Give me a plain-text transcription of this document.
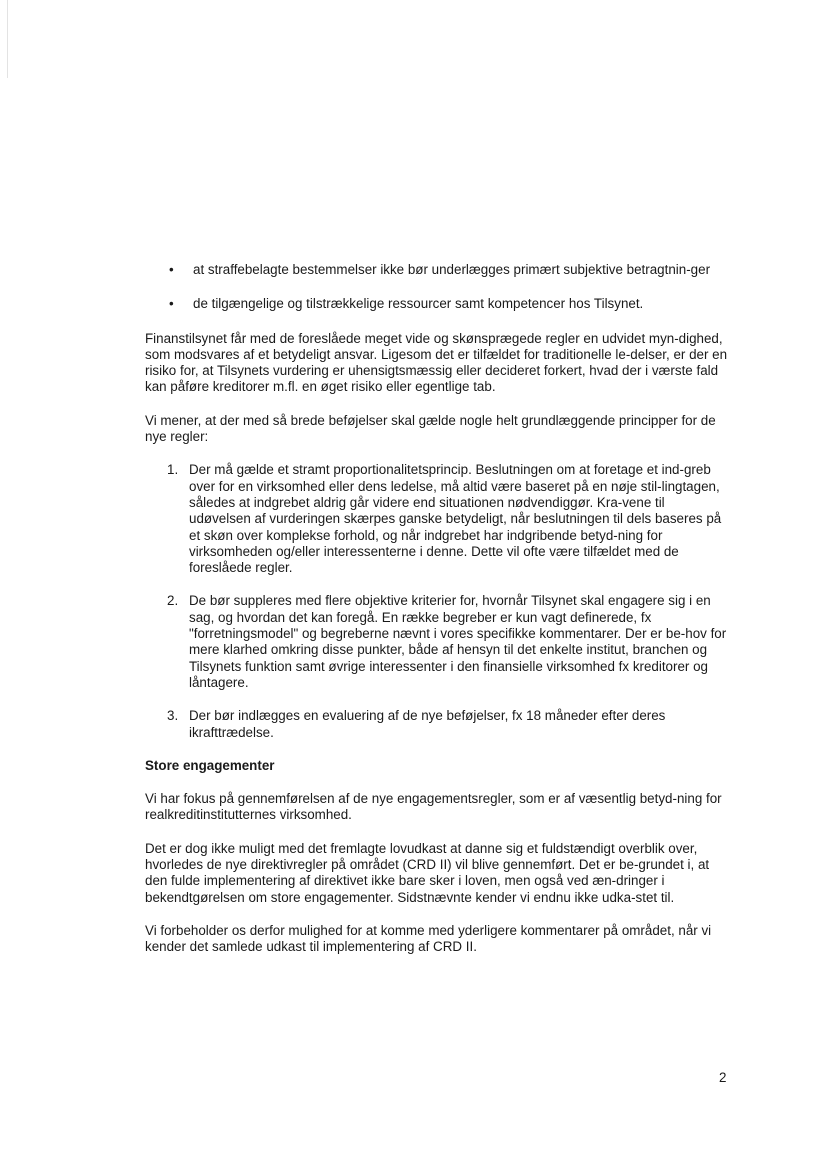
• at straffebelagte bestemmelser ikke bør underlægges primært subjektive betragtnin-ger
• de tilgængelige og tilstrækkelige ressourcer samt kompetencer hos Tilsynet.

Finanstilsynet får med de foreslåede meget vide og skønsprægede regler en udvidet myn-dighed, som modsvares af et betydeligt ansvar. Ligesom det er tilfældet for traditionelle le-delser, er der en risiko for, at Tilsynets vurdering er uhensigtsmæssig eller decideret forkert, hvad der i værste fald kan påføre kreditorer m.fl. en øget risiko eller egentlige tab.

Vi mener, at der med så brede beføjelser skal gælde nogle helt grundlæggende principper for de nye regler:

1. Der må gælde et stramt proportionalitetsprincip. Beslutningen om at foretage et ind-greb over for en virksomhed eller dens ledelse, må altid være baseret på en nøje stil-lingtagen, således at indgrebet aldrig går videre end situationen nødvendiggør. Kra-vene til udøvelsen af vurderingen skærpes ganske betydeligt, når beslutningen til dels baseres på et skøn over komplekse forhold, og når indgrebet har indgribende betyd-ning for virksomheden og/eller interessenterne i denne. Dette vil ofte være tilfældet med de foreslåede regler.
2. De bør suppleres med flere objektive kriterier for, hvornår Tilsynet skal engagere sig i en sag, og hvordan det kan foregå. En række begreber er kun vagt definerede, fx "forretningsmodel" og begreberne nævnt i vores specifikke kommentarer. Der er be-hov for mere klarhed omkring disse punkter, både af hensyn til det enkelte institut, branchen og Tilsynets funktion samt øvrige interessenter i den finansielle virksomhed fx kreditorer og låntagere.
3. Der bør indlægges en evaluering af de nye beføjelser, fx 18 måneder efter deres ikrafttrædelse.
Store engagementer

Vi har fokus på gennemførelsen af de nye engagementsregler, som er af væsentlig betyd-ning for realkreditinstitutternes virksomhed.

Det er dog ikke muligt med det fremlagte lovudkast at danne sig et fuldstændigt overblik over, hvorledes de nye direktivregler på området (CRD II) vil blive gennemført. Det er be-grundet i, at den fulde implementering af direktivet ikke bare sker i loven, men også ved æn-dringer i bekendtgørelsen om store engagementer. Sidstnævnte kender vi endnu ikke udka-stet til.

Vi forbeholder os derfor mulighed for at komme med yderligere kommentarer på området, når vi kender det samlede udkast til implementering af CRD II.

2
